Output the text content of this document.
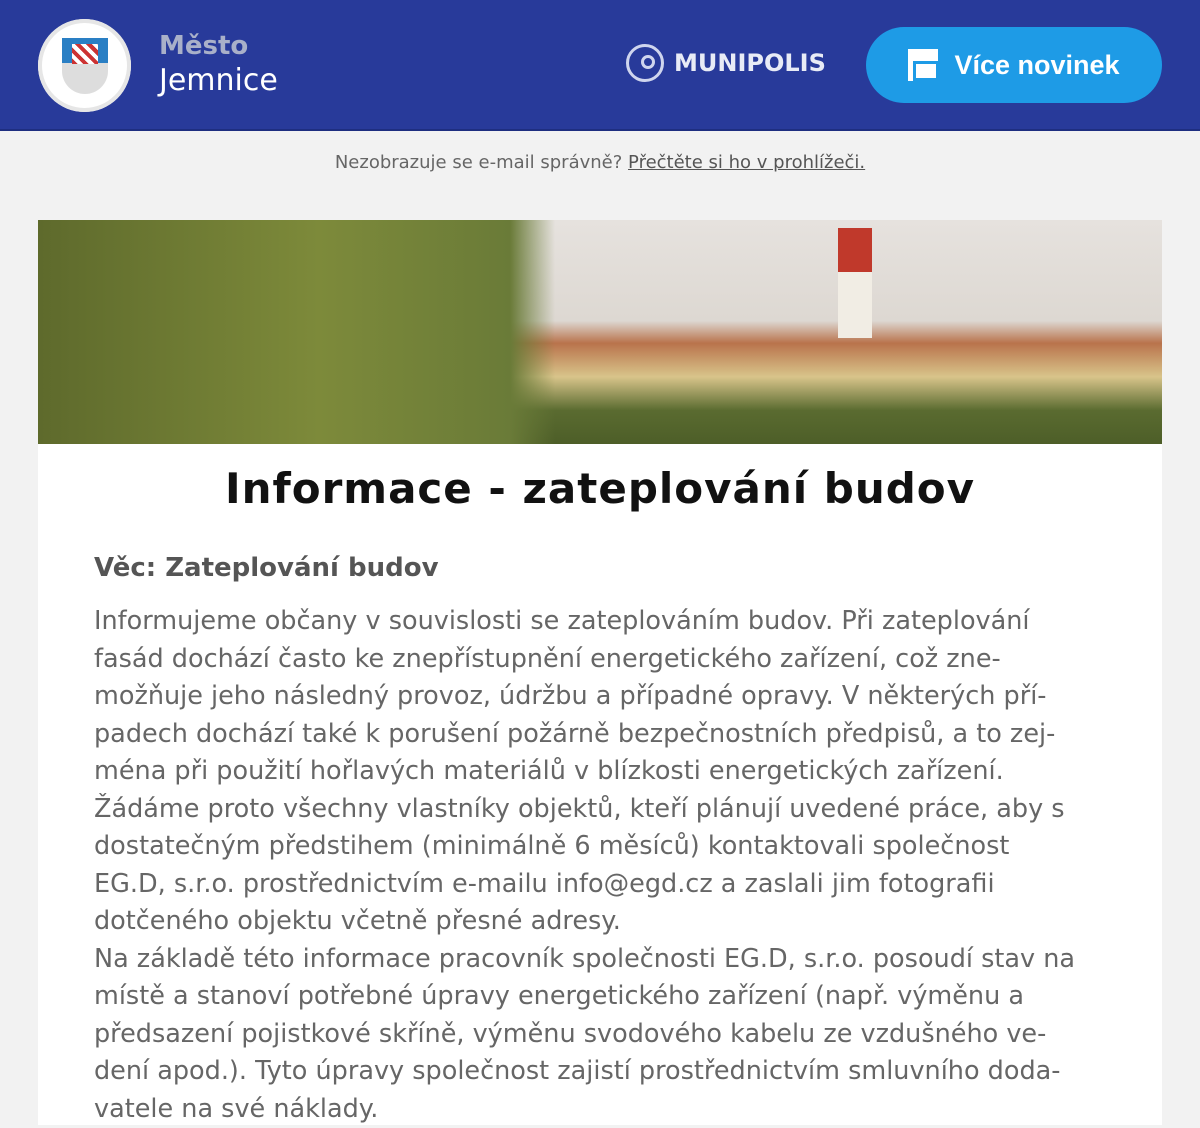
Město
Jemnice	MUNIPOLIS	Více novinek
Nezobrazuje se e-mail správně? Přečtěte si ho v prohlížeči.
Informace - zateplování budov
Věc: Zateplování budov
Informujeme občany v souvislosti se zateplováním budov. Při zateplování
fasád dochází často ke znepřístupnění energetického zařízení, což zne-
možňuje jeho následný provoz, údržbu a případné opravy. V některých pří-
padech dochází také k porušení požárně bezpečnostních předpisů, a to zej-
ména při použití hořlavých materiálů v blízkosti energetických zařízení.
Žádáme proto všechny vlastníky objektů, kteří plánují uvedené práce, aby s
dostatečným předstihem (minimálně 6 měsíců) kontaktovali společnost
EG.D, s.r.o. prostřednictvím e-mailu info@egd.cz a zaslali jim fotografii
dotčeného objektu včetně přesné adresy.
Na základě této informace pracovník společnosti EG.D, s.r.o. posoudí stav na
místě a stanoví potřebné úpravy energetického zařízení (např. výměnu a
předsazení pojistkové skříně, výměnu svodového kabelu ze vzdušného ve-
dení apod.). Tyto úpravy společnost zajistí prostřednictvím smluvního doda-
vatele na své náklady.
